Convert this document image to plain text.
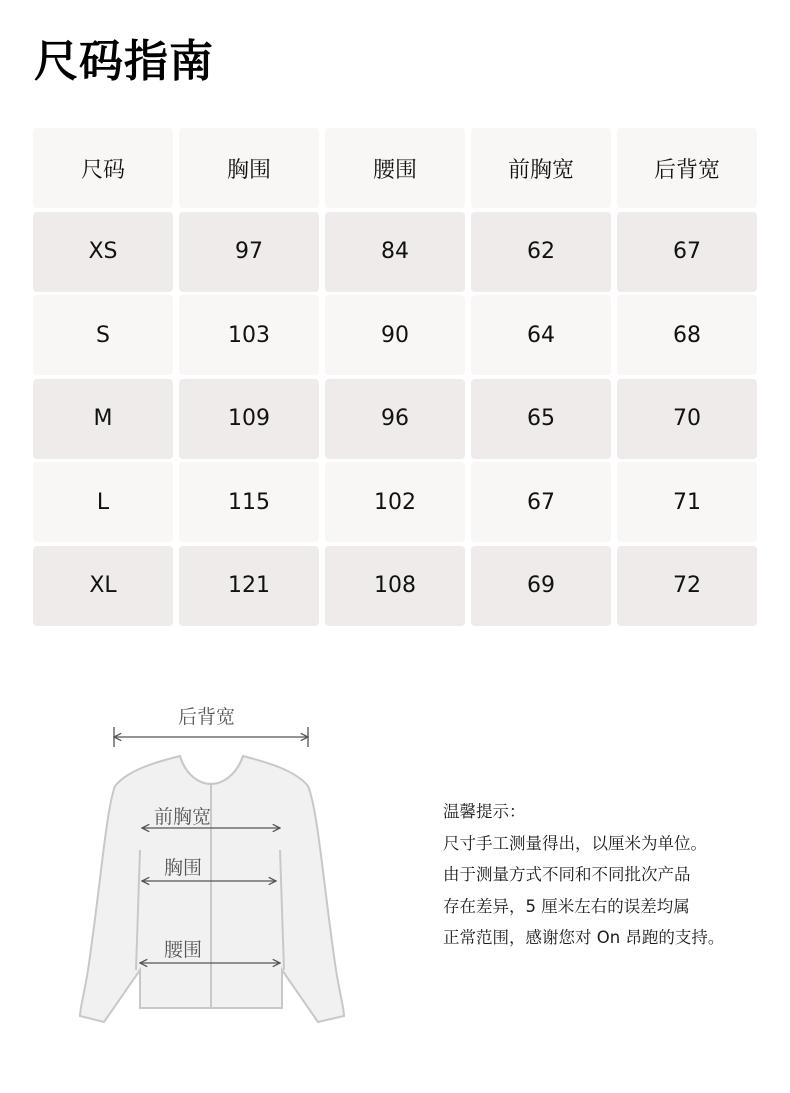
尺码指南
尺码	胸围	腰围	前胸宽	后背宽
XS	97	84	62	67
S	103	90	64	68
M	109	96	65	70
L	115	102	67	71
XL	121	108	69	72
后背宽
前胸宽
胸围
腰围
温馨提示：
尺寸手工测量得出，以厘米为单位。
由于测量方式不同和不同批次产品
存在差异，5 厘米左右的误差均属
正常范围，感谢您对 On 昂跑的支持。
